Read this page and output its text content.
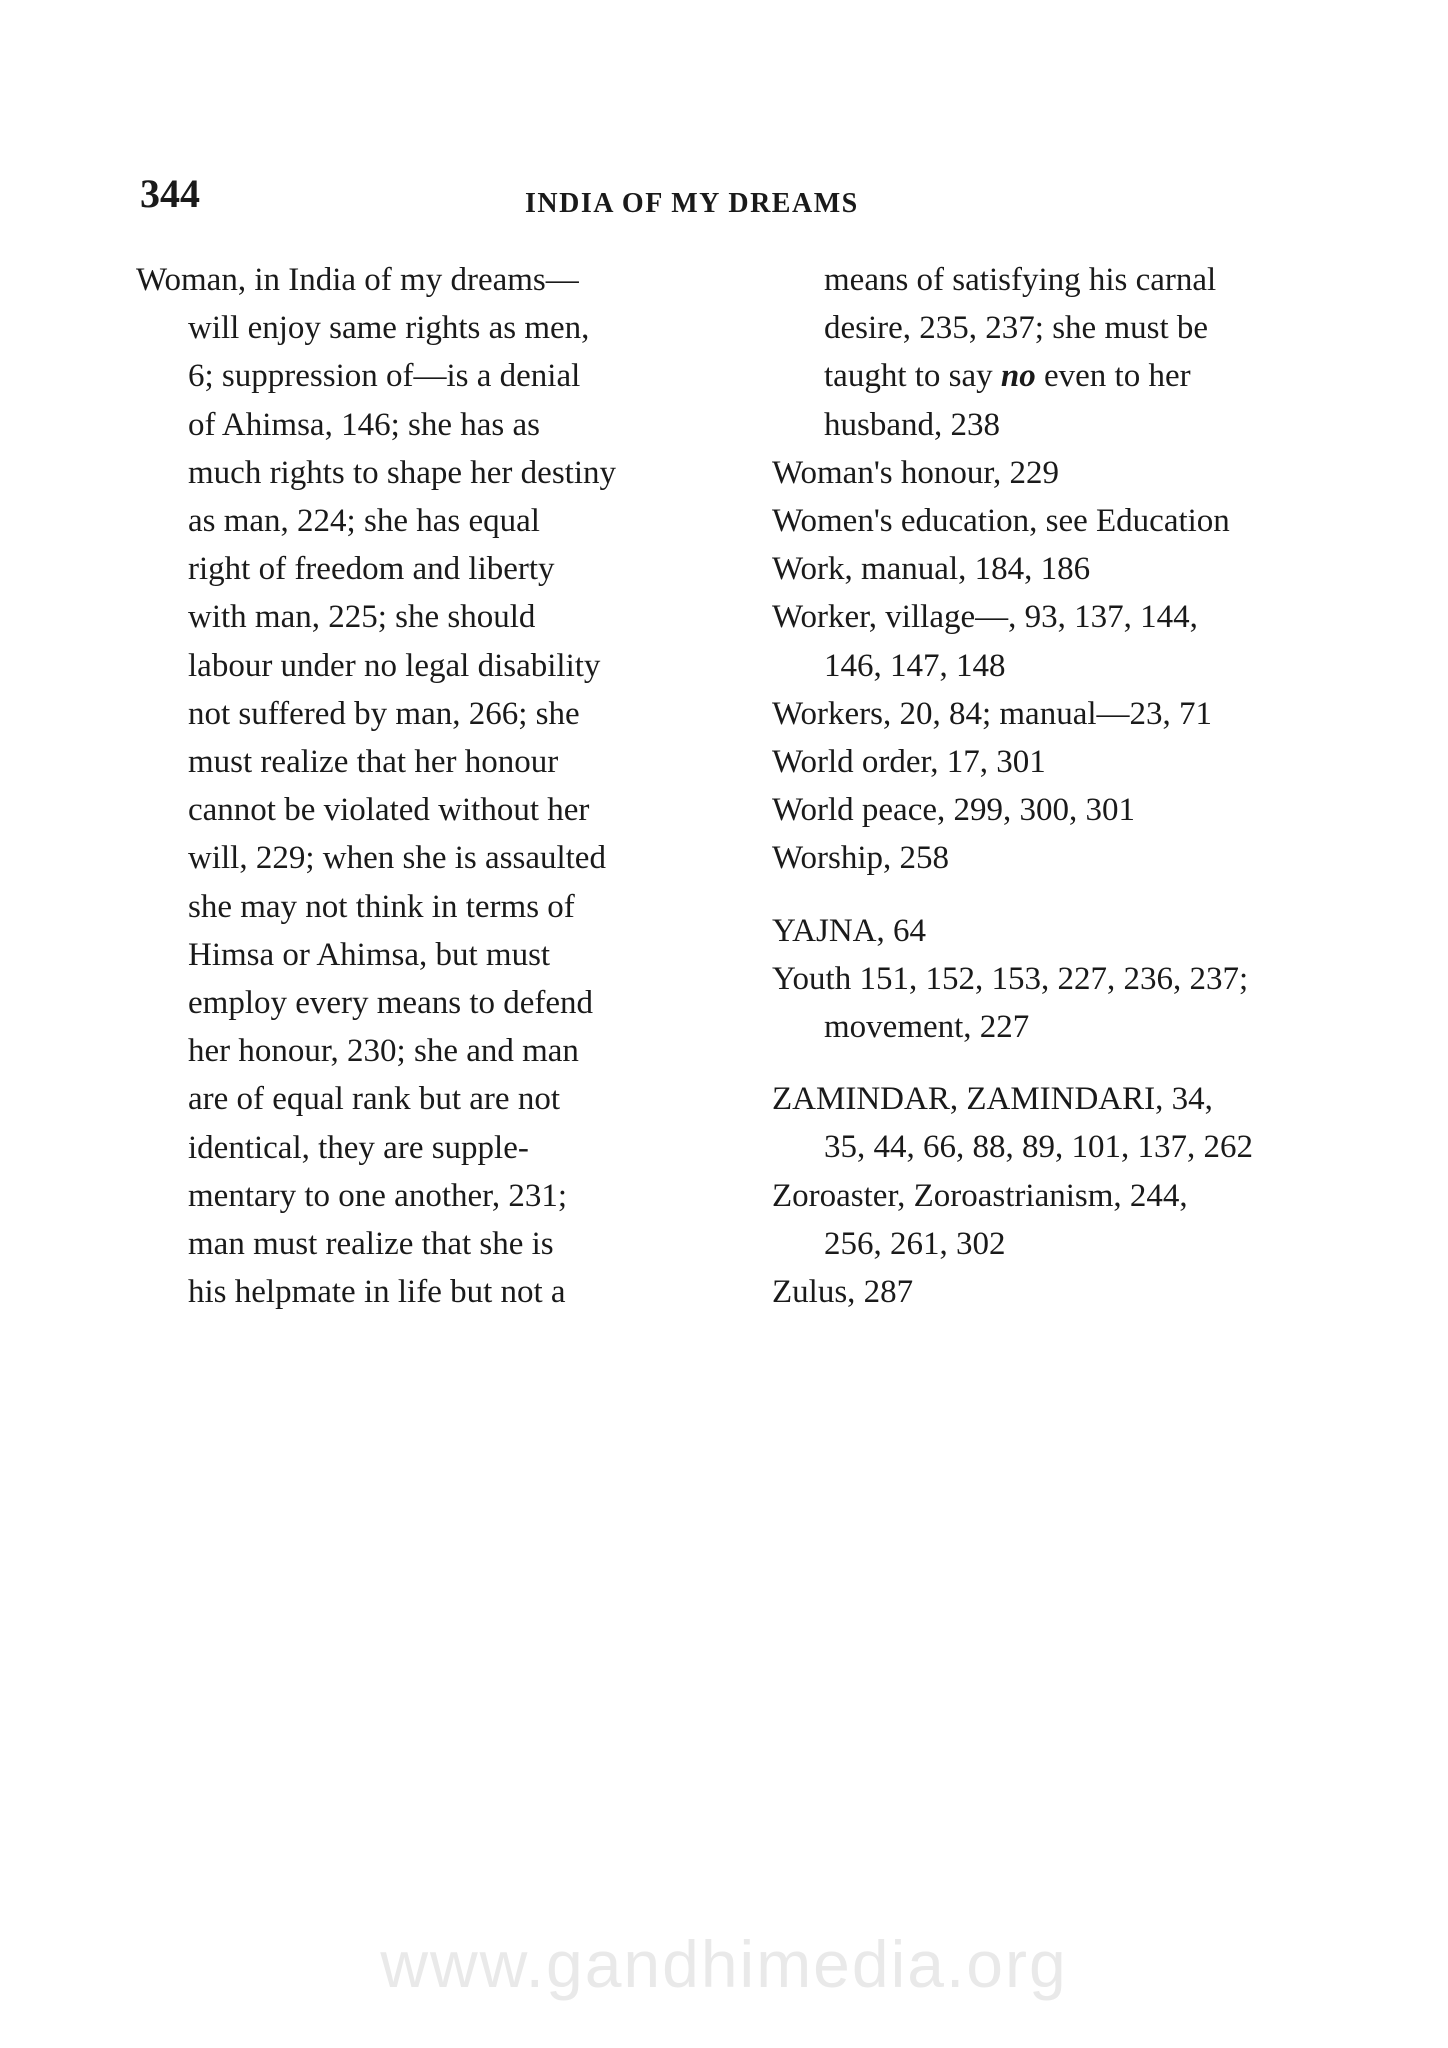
344	INDIA OF MY DREAMS
Woman, in India of my dreams—
will enjoy same rights as men,
6; suppression of—is a denial
of Ahimsa, 146; she has as
much rights to shape her destiny
as man, 224; she has equal
right of freedom and liberty
with man, 225; she should
labour under no legal disability
not suffered by man, 266; she
must realize that her honour
cannot be violated without her
will, 229; when she is assaulted
she may not think in terms of
Himsa or Ahimsa, but must
employ every means to defend
her honour, 230; she and man
are of equal rank but are not
identical, they are supple-
mentary to one another, 231;
man must realize that she is
his helpmate in life but not a
means of satisfying his carnal
desire, 235, 237; she must be
taught to say no even to her
husband, 238
Woman's honour, 229
Women's education, see Education
Work, manual, 184, 186
Worker, village—, 93, 137, 144,
146, 147, 148
Workers, 20, 84; manual—23, 71
World order, 17, 301
World peace, 299, 300, 301
Worship, 258
YAJNA, 64
Youth 151, 152, 153, 227, 236, 237;
movement, 227
ZAMINDAR, ZAMINDARI, 34,
35, 44, 66, 88, 89, 101, 137, 262
Zoroaster, Zoroastrianism, 244,
256, 261, 302
Zulus, 287
www.gandhimedia.org
